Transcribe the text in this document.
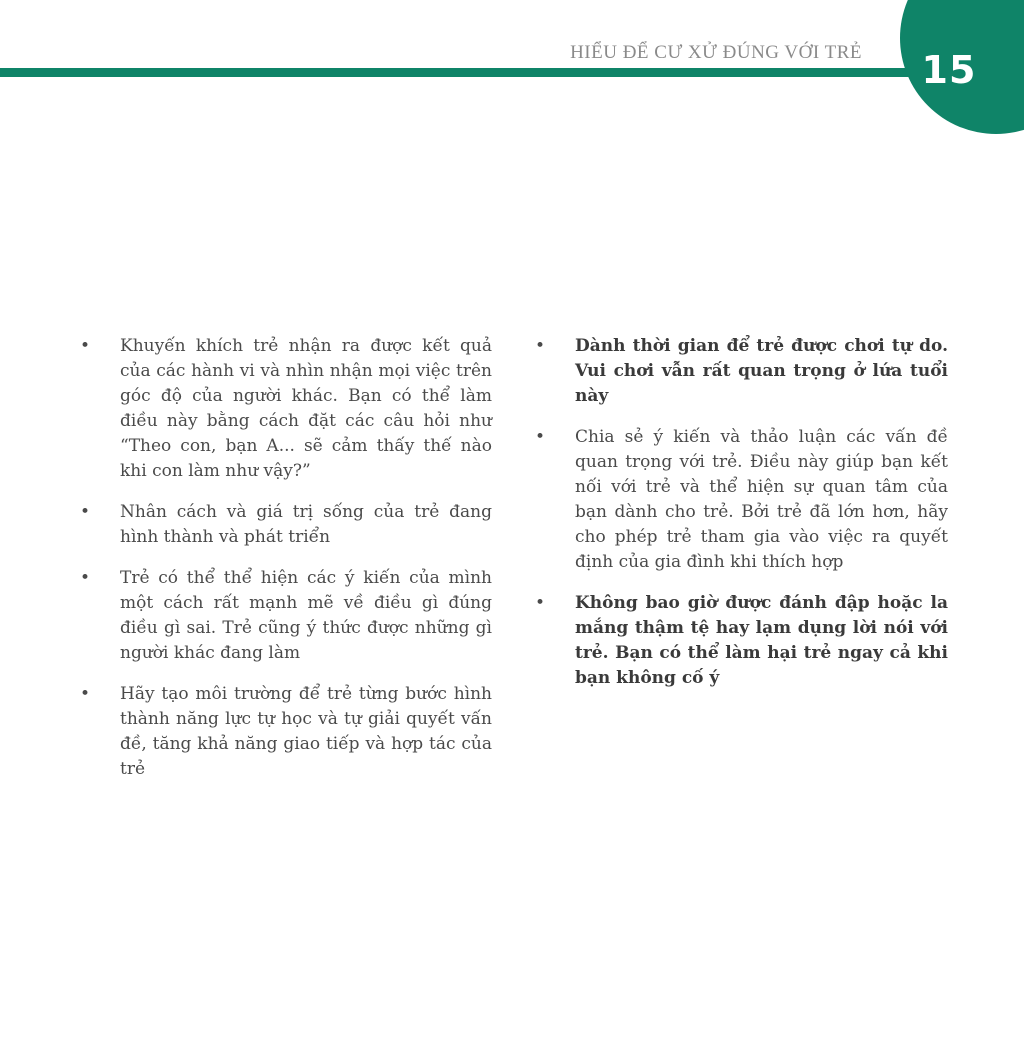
HIỂU ĐỂ CƯ XỬ ĐÚNG VỚI TRẺ	15
•	Khuyến khích trẻ nhận ra được kết quả của các hành vi và nhìn nhận mọi việc trên góc độ của người khác. Bạn có thể làm điều này bằng cách đặt các câu hỏi như “Theo con, bạn A... sẽ cảm thấy thế nào khi con làm như vậy?”
•	Nhân cách và giá trị sống của trẻ đang hình thành và phát triển
•	Trẻ có thể thể hiện các ý kiến của mình một cách rất mạnh mẽ về điều gì đúng điều gì sai. Trẻ cũng ý thức được những gì người khác đang làm
•	Hãy tạo môi trường để trẻ từng bước hình thành năng lực tự học và tự giải quyết vấn đề, tăng khả năng giao tiếp và hợp tác của trẻ
•	Dành thời gian để trẻ được chơi tự do. Vui chơi vẫn rất quan trọng ở lứa tuổi này
•	Chia sẻ ý kiến và thảo luận các vấn đề quan trọng với trẻ. Điều này giúp bạn kết nối với trẻ và thể hiện sự quan tâm của bạn dành cho trẻ. Bởi trẻ đã lớn hơn, hãy cho phép trẻ tham gia vào việc ra quyết định của gia đình khi thích hợp
•	Không bao giờ được đánh đập hoặc la mắng thậm tệ hay lạm dụng lời nói với trẻ. Bạn có thể làm hại trẻ ngay cả khi bạn không cố ý
